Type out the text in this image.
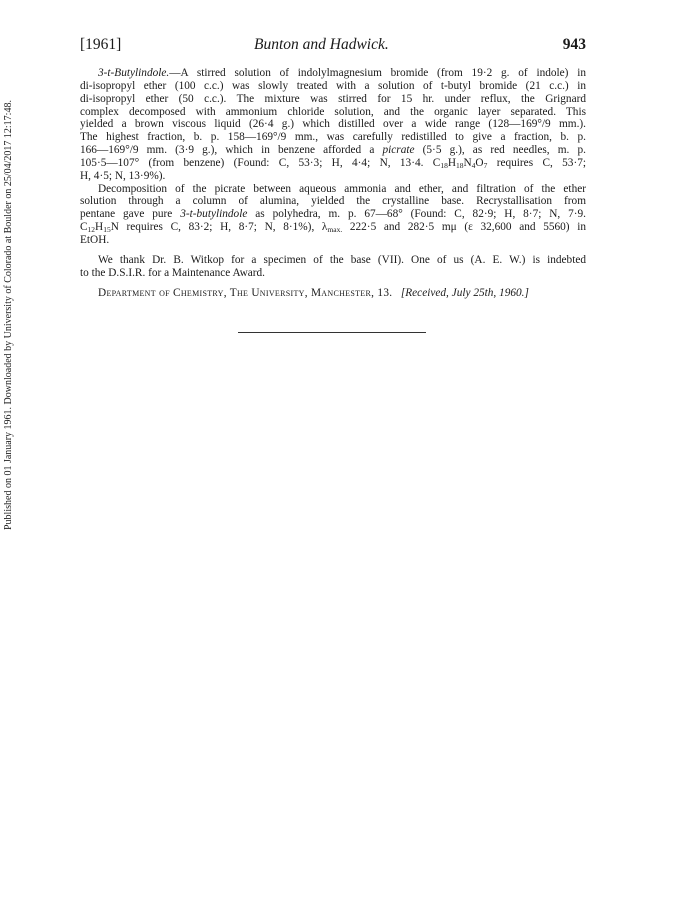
Published on 01 January 1961. Downloaded by University of Colorado at Boulder on 25/04/2017 12:17:48.
[1961]	Bunton and Hadwick.	943
3-t-Butylindole.—A stirred solution of indolylmagnesium bromide (from 19·2 g. of indole) in
di-isopropyl ether (100 c.c.) was slowly treated with a solution of t-butyl bromide (21 c.c.) in
di-isopropyl ether (50 c.c.). The mixture was stirred for 15 hr. under reflux, the Grignard
complex decomposed with ammonium chloride solution, and the organic layer separated. This
yielded a brown viscous liquid (26·4 g.) which distilled over a wide range (128—169°/9 mm.).
The highest fraction, b. p. 158—169°/9 mm., was carefully redistilled to give a fraction, b. p.
166—169°/9 mm. (3·9 g.), which in benzene afforded a picrate (5·5 g.), as red needles, m. p.
105·5—107° (from benzene) (Found: C, 53·3; H, 4·4; N, 13·4. $C_{18}H_{18}N_4O_7$ requires C, 53·7;
H, 4·5; N, 13·9%).
Decomposition of the picrate between aqueous ammonia and ether, and filtration of the ether
solution through a column of alumina, yielded the crystalline base. Recrystallisation from
pentane gave pure 3-t-butylindole as polyhedra, m. p. 67—68° (Found: C, 82·9; H, 8·7; N, 7·9.
$C_{12}H_{15}N$ requires C, 83·2; H, 8·7; N, 8·1%), $\lambda_{max.}$ 222·5 and 282·5 mμ (ε 32,600 and 5560) in
EtOH.
We thank Dr. B. Witkop for a specimen of the base (VII). One of us (A. E. W.) is indebted
to the D.S.I.R. for a Maintenance Award.
Department of Chemistry, The University, Manchester, 13. [Received, July 25th, 1960.]
